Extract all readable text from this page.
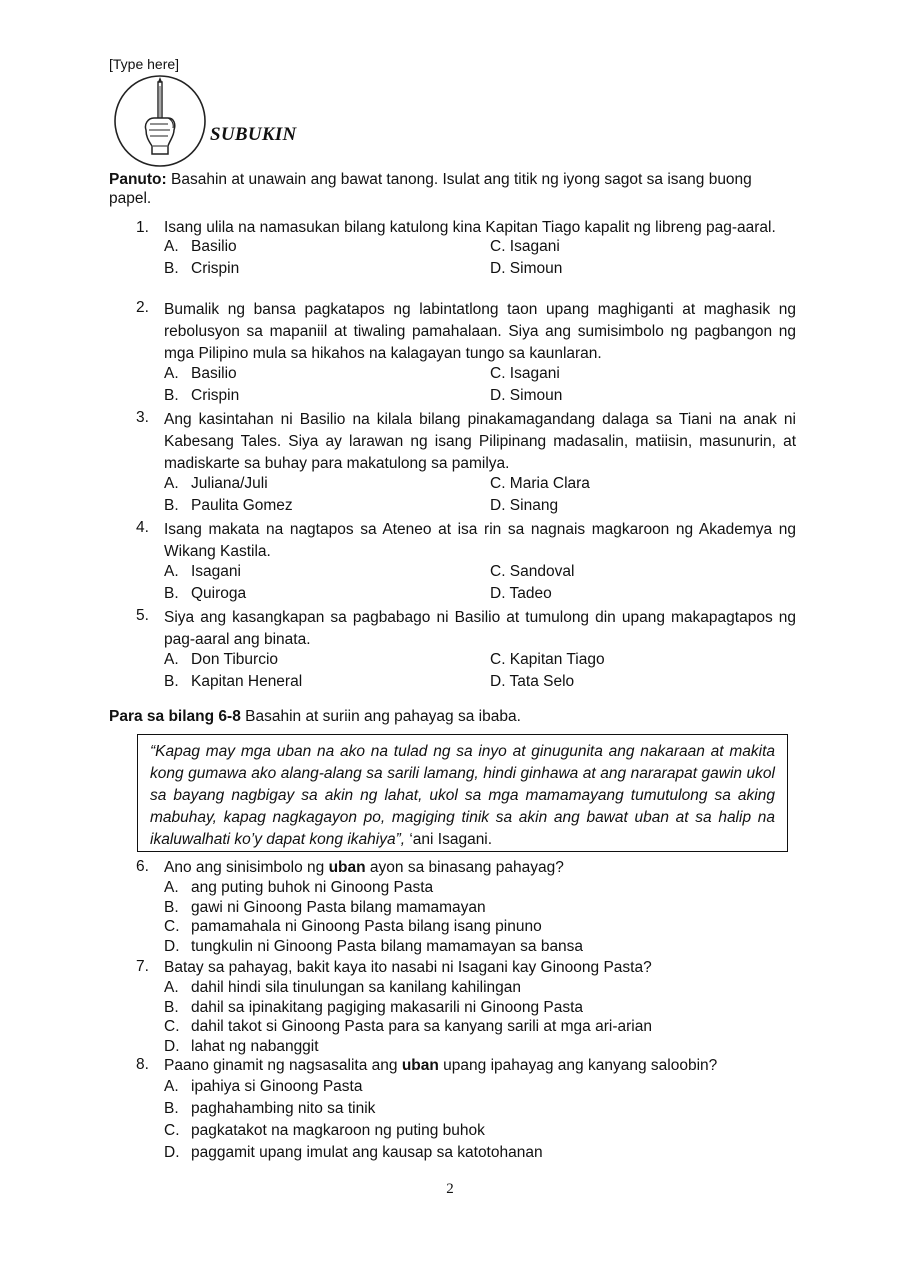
[Type here]
SUBUKIN
Panuto: Basahin at unawain ang bawat tanong. Isulat ang titik ng iyong sagot sa isang buong papel.
1. Isang ulila na namasukan bilang katulong kina Kapitan Tiago kapalit ng libreng pag-aaral.
A. Basilio	C. Isagani
B. Crispin	D. Simoun
2. Bumalik ng bansa pagkatapos ng labintatlong taon upang maghiganti at maghasik ng rebolusyon sa mapaniil at tiwaling pamahalaan. Siya ang sumisimbolo ng pagbangon ng mga Pilipino mula sa hikahos na kalagayan tungo sa kaunlaran.
A. Basilio	C. Isagani
B. Crispin	D. Simoun
3. Ang kasintahan ni Basilio na kilala bilang pinakamagandang dalaga sa Tiani na anak ni Kabesang Tales. Siya ay larawan ng isang Pilipinang madasalin, matiisin, masunurin, at madiskarte sa buhay para makatulong sa pamilya.
A. Juliana/Juli	C. Maria Clara
B. Paulita Gomez	D. Sinang
4. Isang makata na nagtapos sa Ateneo at isa rin sa nagnais magkaroon ng Akademya ng Wikang Kastila.
A. Isagani	C. Sandoval
B. Quiroga	D. Tadeo
5. Siya ang kasangkapan sa pagbabago ni Basilio at tumulong din upang makapagtapos ng pag-aaral ang binata.
A. Don Tiburcio	C. Kapitan Tiago
B. Kapitan Heneral	D. Tata Selo
Para sa bilang 6-8 Basahin at suriin ang pahayag sa ibaba.
“Kapag may mga uban na ako na tulad ng sa inyo at ginugunita ang nakaraan at makita kong gumawa ako alang-alang sa sarili lamang, hindi ginhawa at ang nararapat gawin ukol sa bayang nagbigay sa akin ng lahat, ukol sa mga mamamayang tumutulong sa aking mabuhay, kapag nagkagayon po, magiging tinik sa akin ang bawat uban at sa halip na ikaluwalhati ko’y dapat kong ikahiya”, ‘ani Isagani.
6. Ano ang sinisimbolo ng uban ayon sa binasang pahayag?
A. ang puting buhok ni Ginoong Pasta
B. gawi ni Ginoong Pasta bilang mamamayan
C. pamamahala ni Ginoong Pasta bilang isang pinuno
D. tungkulin ni Ginoong Pasta bilang mamamayan sa bansa
7. Batay sa pahayag, bakit kaya ito nasabi ni Isagani kay Ginoong Pasta?
A. dahil hindi sila tinulungan sa kanilang kahilingan
B. dahil sa ipinakitang pagiging makasarili ni Ginoong Pasta
C. dahil takot si Ginoong Pasta para sa kanyang sarili at mga ari-arian
D. lahat ng nabanggit
8. Paano ginamit ng nagsasalita ang uban upang ipahayag ang kanyang saloobin?
A. ipahiya si Ginoong Pasta
B. paghahambing nito sa tinik
C. pagkatakot na magkaroon ng puting buhok
D. paggamit upang imulat ang kausap sa katotohanan
2
